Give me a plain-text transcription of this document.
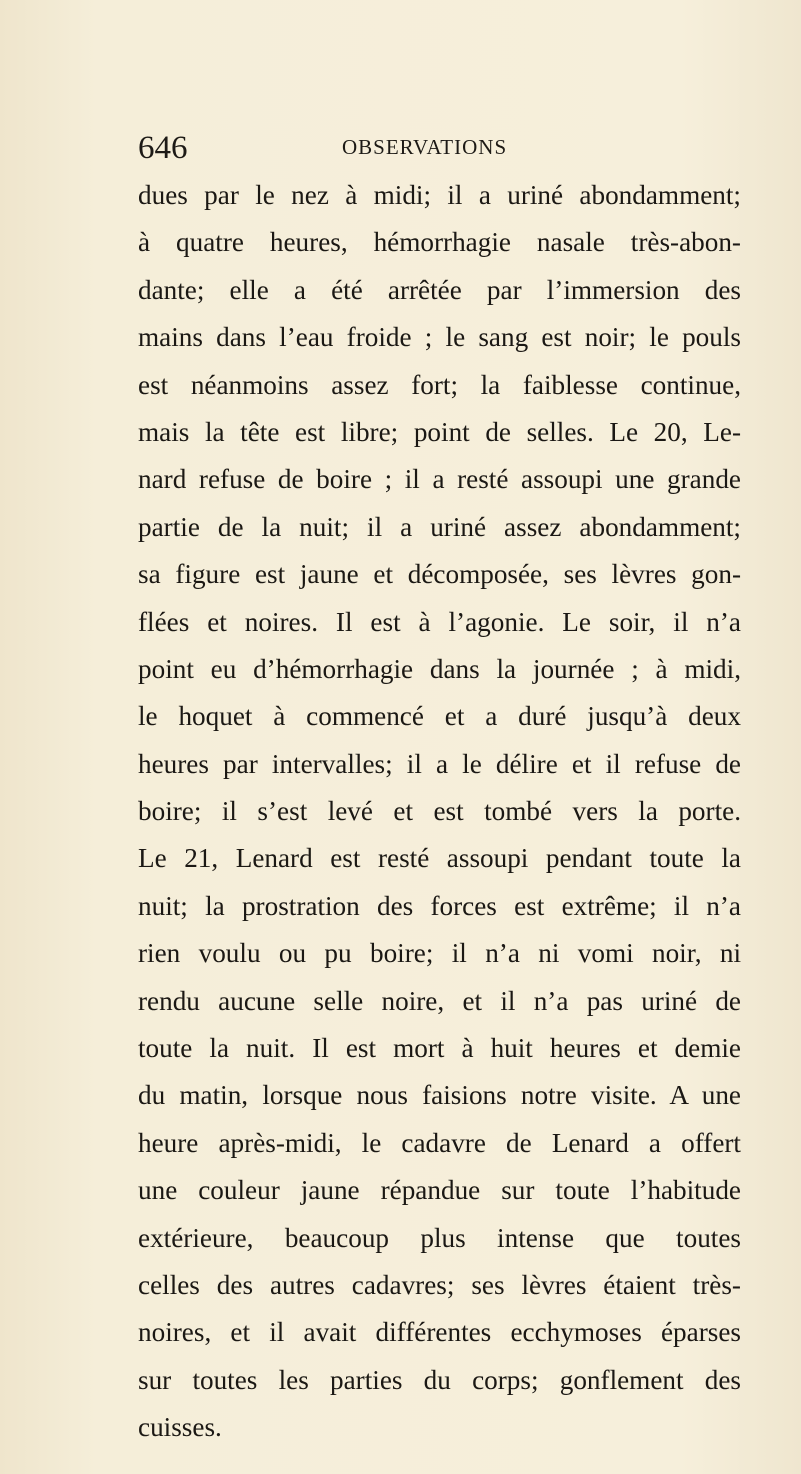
646	OBSERVATIONS
dues par le nez à midi; il a uriné abondamment;
à quatre heures, hémorrhagie nasale très-abon-
dante; elle a été arrêtée par l’immersion des
mains dans l’eau froide ; le sang est noir; le pouls
est néanmoins assez fort; la faiblesse continue,
mais la tête est libre; point de selles. Le 20, Le-
nard refuse de boire ; il a resté assoupi une grande
partie de la nuit; il a uriné assez abondamment;
sa figure est jaune et décomposée, ses lèvres gon-
flées et noires. Il est à l’agonie. Le soir, il n’a
point eu d’hémorrhagie dans la journée ; à midi,
le hoquet à commencé et a duré jusqu’à deux
heures par intervalles; il a le délire et il refuse de
boire; il s’est levé et est tombé vers la porte.
Le 21, Lenard est resté assoupi pendant toute la
nuit; la prostration des forces est extrême; il n’a
rien voulu ou pu boire; il n’a ni vomi noir, ni
rendu aucune selle noire, et il n’a pas uriné de
toute la nuit. Il est mort à huit heures et demie
du matin, lorsque nous faisions notre visite. A une
heure après-midi, le cadavre de Lenard a offert
une couleur jaune répandue sur toute l’habitude
extérieure, beaucoup plus intense que toutes
celles des autres cadavres; ses lèvres étaient très-
noires, et il avait différentes ecchymoses éparses
sur toutes les parties du corps; gonflement des
cuisses.
